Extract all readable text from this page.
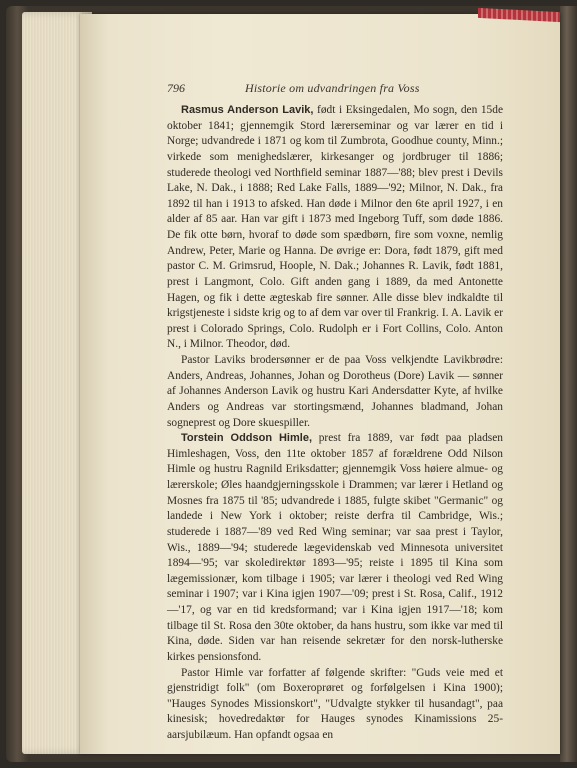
796	Historie om udvandringen fra Voss

Rasmus Anderson Lavik, født i Eksingedalen, Mo sogn, den 15de oktober 1841; gjennemgik Stord lærerseminar og var lærer en tid i Norge; udvandrede i 1871 og kom til Zumbrota, Goodhue county, Minn.; virkede som menighedslærer, kirkesanger og jordbruger til 1886; studerede theologi ved Northfield seminar 1887—'88; blev prest i Devils Lake, N. Dak., i 1888; Red Lake Falls, 1889—'92; Milnor, N. Dak., fra 1892 til han i 1913 to afsked. Han døde i Milnor den 6te april 1927, i en alder af 85 aar. Han var gift i 1873 med Ingeborg Tuff, som døde 1886. De fik otte børn, hvoraf to døde som spædbørn, fire som voxne, nemlig Andrew, Peter, Marie og Hanna. De øvrige er: Dora, født 1879, gift med pastor C. M. Grimsrud, Hoople, N. Dak.; Johannes R. Lavik, født 1881, prest i Langmont, Colo. Gift anden gang i 1889, da med Antonette Hagen, og fik i dette ægteskab fire sønner. Alle disse blev indkaldte til krigstjeneste i sidste krig og to af dem var over til Frankrig. I. A. Lavik er prest i Colorado Springs, Colo. Rudolph er i Fort Collins, Colo. Anton N., i Milnor. Theodor, død.

Pastor Laviks brodersønner er de paa Voss velkjendte Lavikbrødre: Anders, Andreas, Johannes, Johan og Dorotheus (Dore) Lavik — sønner af Johannes Anderson Lavik og hustru Kari Andersdatter Kyte, af hvilke Anders og Andreas var stortingsmænd, Johannes bladmand, Johan sogneprest og Dore skuespiller.

Torstein Oddson Himle, prest fra 1889, var født paa pladsen Himleshagen, Voss, den 11te oktober 1857 af forældrene Odd Nilson Himle og hustru Ragnild Eriksdatter; gjennemgik Voss høiere almue- og lærerskole; Øles haandgjerningsskole i Drammen; var lærer i Hetland og Mosnes fra 1875 til '85; udvandrede i 1885, fulgte skibet "Germanic" og landede i New York i oktober; reiste derfra til Cambridge, Wis.; studerede i 1887—'89 ved Red Wing seminar; var saa prest i Taylor, Wis., 1889—'94; studerede lægevidenskab ved Minnesota universitet 1894—'95; var skoledirektør 1893—'95; reiste i 1895 til Kina som lægemissionær, kom tilbage i 1905; var lærer i theologi ved Red Wing seminar i 1907; var i Kina igjen 1907—'09; prest i St. Rosa, Calif., 1912—'17, og var en tid kredsformand; var i Kina igjen 1917—'18; kom tilbage til St. Rosa den 30te oktober, da hans hustru, som ikke var med til Kina, døde. Siden var han reisende sekretær for den norsk-lutherske kirkes pensionsfond.

Pastor Himle var forfatter af følgende skrifter: "Guds veie med et gjenstridigt folk" (om Boxeroprøret og forfølgelsen i Kina 1900); "Hauges Synodes Missionskort", "Udvalgte stykker til husandagt", paa kinesisk; hovedredaktør for Hauges synodes Kinamissions 25-aarsjubilæum. Han opfandt ogsaa en
